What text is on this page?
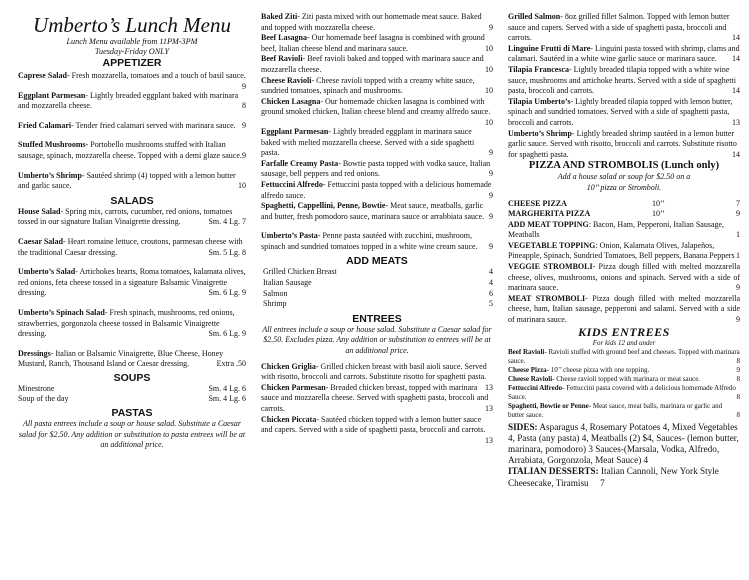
Umberto’s Lunch Menu
Lunch Menu available from 11PM-3PM
Tuesday-Friday ONLY
APPETIZER
Caprese Salad- Fresh mozzarella, tomatoes and a touch of basil sauce.
9
Eggplant Parmesan- Lightly breaded eggplant baked with marinara and mozzarella cheese.	8
Fried Calamari- Tender fried calamari served with marinara sauce. 9
Stuffed Mushrooms- Portobello mushrooms stuffed with Italian sausage, spinach, mozzarella cheese. Topped with a demi glaze sauce. 9
Umberto’s Shrimp- Sautéed shrimp (4) topped with a lemon butter and garlic sauce.	10
SALADS
House Salad- Spring mix, carrots, cucumber, red onions, tomatoes tossed in our signature Italian Vinaigrette dressing.	Sm. 4 Lg. 7
Caesar Salad- Heart romaine lettuce, croutons, parmesan cheese with the traditional Caesar dressing.	Sm. 5 Lg. 8
Umberto’s Salad- Artichokes hearts, Roma tomatoes, kalamata olives, red onions, feta cheese tossed in a signature Balsamic Vinaigrette dressing.	Sm. 6 Lg. 9
Umberto’s Spinach Salad- Fresh spinach, mushrooms, red onions, strawberries, gorgonzola cheese tossed in Balsamic Vinaigrette dressing.	Sm. 6 Lg. 9
Dressings- Italian or Balsamic Vinaigrette, Blue Cheese, Honey Mustard, Ranch, Thousand Island or Caesar dressing.	Extra .50
SOUPS
Minestrone	Sm. 4 Lg. 6
Soup of the day	Sm. 4 Lg. 6
PASTAS
All pasta entrees include a soup or house salad. Substitute a Caesar salad for $2.50. Any addition or substitution to pasta entrees will be at an additional price.
Baked Ziti- Ziti pasta mixed with our homemade meat sauce. Baked and topped with mozzarella cheese.	9
Beef Lasagna- Our homemade beef lasagna is combined with ground beef, Italian cheese blend and marinara sauce.	10
Beef Ravioli- Beef ravioli baked and topped with marinara sauce and mozzarella cheese.	10
Cheese Ravioli- Cheese ravioli topped with a creamy white sauce, sundried tomatoes, spinach and mushrooms.	10
Chicken Lasagna- Our homemade chicken lasagna is combined with ground smoked chicken, Italian cheese blend and creamy alfredo sauce.
10
Eggplant Parmesan- Lightly breaded eggplant in marinara sauce baked with melted mozzarella cheese. Served with a side spaghetti pasta.	9
Farfalle Creamy Pasta- Bowtie pasta topped with vodka sauce, Italian sausage, bell peppers and red onions.	9
Fettuccini Alfredo- Fettuccini pasta topped with a delicious homemade alfredo sauce.	9
Spaghetti, Cappellini, Penne, Bowtie- Meat sauce, meatballs, garlic and butter, fresh pomodoro sauce, marinara sauce or arrabbiata sauce. 9
Umberto’s Pasta- Penne pasta sautéed with zucchini, mushroom, spinach and sundried tomatoes topped in a white wine cream sauce. 9
ADD MEATS
Grilled Chicken Breast	4
Italian Sausage	4
Salmon	6
Shrimp	5
ENTREES
All entrees include a soup or house salad. Substitute a Caesar salad for $2.50. Excludes pizza. Any addition or substitution to entrees will be at an additional price.
Chicken Griglia- Grilled chicken breast with basil aioli sauce. Served with risotto, broccoli and carrots. Substitute risotto for spaghetti pasta.
13
Chicken Parmesan- Breaded chicken breast, topped with marinara sauce and mozzarella cheese. Served with spaghetti pasta, broccoli and carrots.	13
Chicken Piccata- Sautéed chicken topped with a lemon butter sauce and capers. Served with a side of spaghetti pasta, broccoli and carrots.
13
Grilled Salmon- 8oz grilled fillet Salmon. Topped with lemon butter sauce and capers. Served with a side of spaghetti pasta, broccoli and carrots.	14
Linguine Frutti di Mare- Linguini pasta tossed with shrimp, clams and calamari. Sautéed in a white wine garlic sauce or marinara sauce. 14
Tilapia Francesca- Lightly breaded tilapia topped with a white wine sauce, mushrooms and artichoke hearts. Served with a side of spaghetti pasta, broccoli and carrots.	14
Tilapia Umberto’s- Lightly breaded tilapia topped with lemon butter, spinach and sundried tomatoes. Served with a side of spaghetti pasta, broccoli and carrots.	13
Umberto’s Shrimp- Lightly breaded shrimp sautéed in a lemon butter garlic sauce. Served with risotto, broccoli and carrots. Substitute risotto for spaghetti pasta.	14
PIZZA AND STROMBOLIS (Lunch only)
Add a house salad or soup for $2.50 on a
10’’ pizza or Stromboli.
CHEESE PIZZA	10’’	7
MARGHERITA PIZZA	10’’	9
ADD MEAT TOPPING: Bacon, Ham, Pepperoni, Italian Sausage, Meatballs	1
VEGETABLE TOPPING: Onion, Kalamata Olives, Jalapeños, Pineapple, Spinach, Sundried Tomatoes, Bell peppers, Banana Peppers 1
VEGGIE STROMBOLI- Pizza dough filled with melted mozzarella cheese, olives, mushrooms, onions and spinach. Served with a side of marinara sauce.	9
MEAT STROMBOLI- Pizza dough filled with melted mozzarella cheese, ham, Italian sausage, pepperoni and salami. Served with a side of marinara sauce.	9
KIDS ENTREES
For kids 12 and under
Beef Ravioli- Ravioli stuffed with ground beef and cheeses. Topped with marinara sauce.	8
Cheese Pizza- 10’’ cheese pizza with one topping.	9
Cheese Ravioli- Cheese ravioli topped with marinara or meat sauce.	8
Fettuccini Alfredo- Fettuccini pasta covered with a delicious homemade Alfredo Sauce.	8
Spaghetti, Bowtie or Penne- Meat sauce, meat balls, marinara or garlic and butter sauce.	8
SIDES: Asparagus 4, Rosemary Potatoes 4, Mixed Vegetables 4, Pasta (any pasta) 4, Meatballs (2) $4, Sauces- (lemon butter, marinara, pomodoro) 3 Sauces-(Marsala, Vodka, Alfredo, Arrabiata, Gorgonzola, Meat Sauce) 4
ITALIAN DESSERTS: Italian Cannoli, New York Style Cheesecake, Tiramisu 7
